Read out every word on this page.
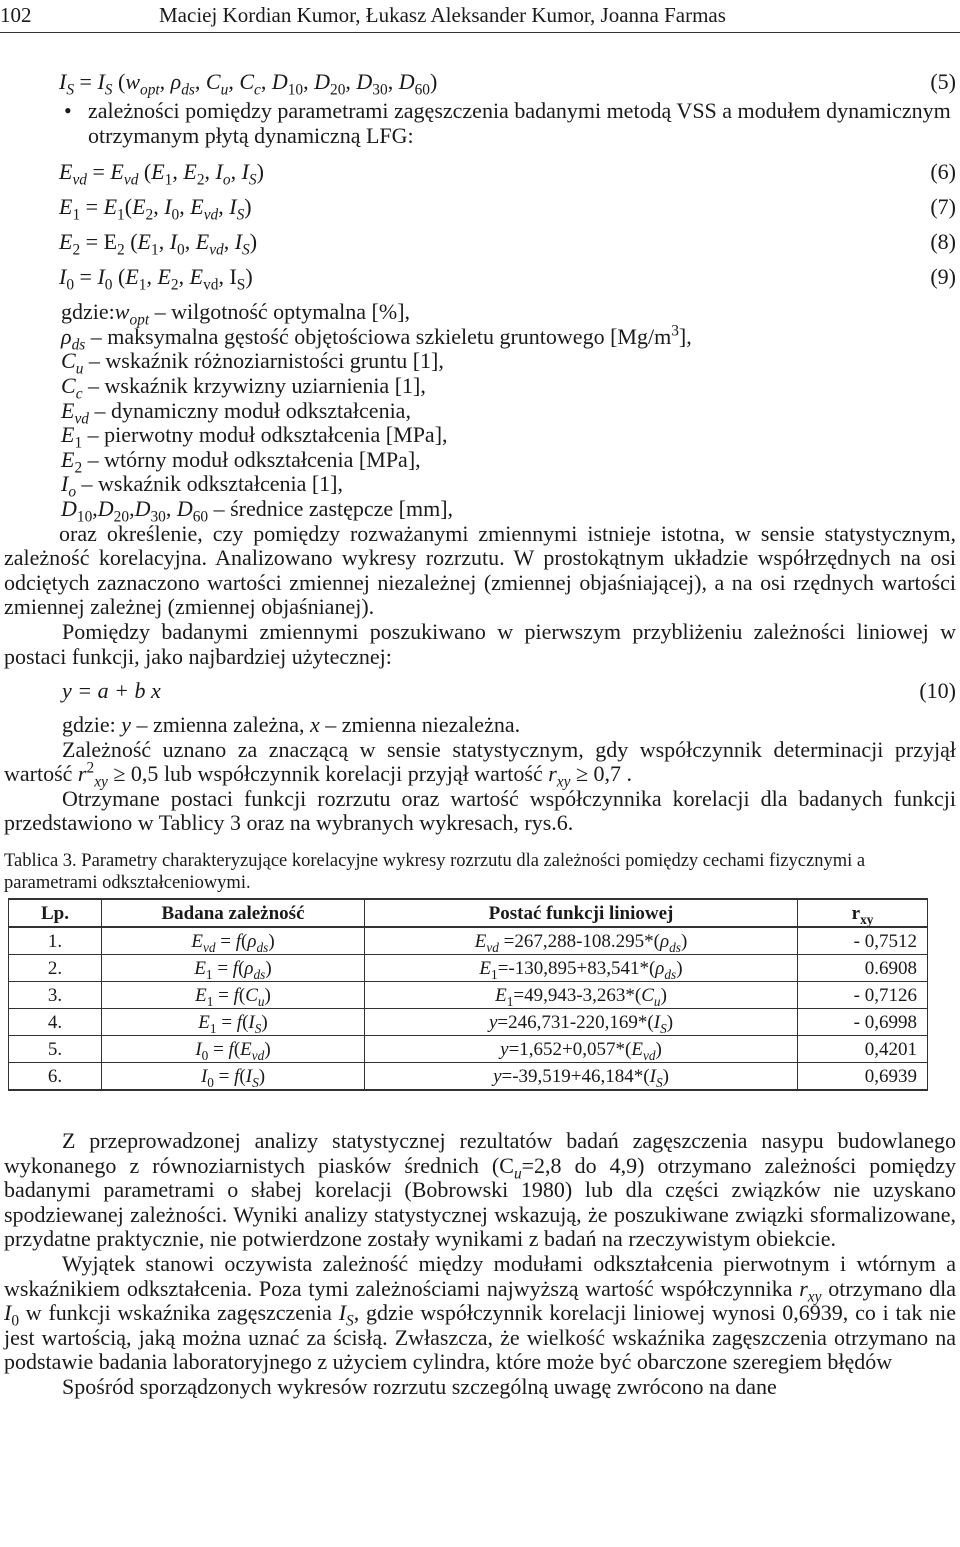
102	Maciej Kordian Kumor, Łukasz Aleksander Kumor, Joanna Farmas
$I_S = I_S$ ($w_{opt}$, $\rho_{ds}$, $C_u$, $C_c$, $D_{10}$, $D_{20}$, $D_{30}$, $D_{60}$)	(5)
• zależności pomiędzy parametrami zagęszczenia badanymi metodą VSS a modułem dynamicznym otrzymanym płytą dynamiczną LFG:
$E_{vd} = E_{vd}$ ($E_1$, $E_2$, $I_o$, $I_S$)	(6)
$E_1 = E_1(E_2$, $I_0$, $E_{vd}$, $I_S$)	(7)
$E_2 = E_2$ ($E_1$, $I_0$, $E_{vd}$, $I_S$)	(8)
$I_0 = I_0$ ($E_1$, $E_2$, $E_{vd}$, $I_S$)	(9)
$gdzie:w_{opt}$ – wilgotność optymalna [%],
$\rho_{ds}$ – maksymalna gęstość objętościowa szkieletu gruntowego $[Mg/m^3]$,
$C_u$ – wskaźnik różnoziarnistości gruntu [1],
$C_c$ – wskaźnik krzywizny uziarnienia [1],
$E_{vd}$ – dynamiczny moduł odkształcenia,
$E_1$ – pierwotny moduł odkształcenia [MPa],
$E_2$ – wtórny moduł odkształcenia [MPa],
$I_o$ – wskaźnik odkształcenia [1],
$D_{10},D_{20},D_{30}$, $D_{60}$ – średnice zastępcze [mm],

oraz określenie, czy pomiędzy rozważanymi zmiennymi istnieje istotna, w sensie statystycznym, zależność korelacyjna. Analizowano wykresy rozrzutu. W prostokątnym układzie współrzędnych na osi odciętych zaznaczono wartości zmiennej niezależnej (zmiennej objaśniającej), a na osi rzędnych wartości zmiennej zależnej (zmiennej objaśnianej).

Pomiędzy badanymi zmiennymi poszukiwano w pierwszym przybliżeniu zależności liniowej w postaci funkcji, jako najbardziej użytecznej:

y = a + b x	(10)
gdzie: y – zmienna zależna, x – zmienna niezależna.

Zależność uznano za znaczącą w sensie statystycznym, gdy współczynnik determinacji przyjął wartość $r^2_{xy} \ge 0,5$ lub współczynnik korelacji przyjął wartość $r_{xy} \ge 0,7$ .

Otrzymane postaci funkcji rozrzutu oraz wartość współczynnika korelacji dla badanych funkcji przedstawiono w Tablicy 3 oraz na wybranych wykresach, rys.6.

Tablica 3. Parametry charakteryzujące korelacyjne wykresy rozrzutu dla zależności pomiędzy cechami fizycznymi a parametrami odkształceniowymi.
Lp.	Badana zależność	Postać funkcji liniowej	$r_{xy}$
1.	$E_{vd} = f(\rho_{ds})$	$E_{vd} =267,288-108.295*(\rho_{ds})$	- 0,7512
2.	$E_1 = f(\rho_{ds})$	$E_1=-130,895+83,541*(\rho_{ds})$	0.6908
3.	$E_1 = f(C_u)$	$E_1=49,943-3,263*(C_u)$	- 0,7126
4.	$E_1 = f(I_S)$	$y=246,731-220,169*(I_S)$	- 0,6998
5.	$I_0 = f(E_{vd})$	$y=1,652+0,057*(E_{vd})$	0,4201
6.	$I_0 = f(I_S)$	$y=-39,519+46,184*(I_S)$	0,6939

Z przeprowadzonej analizy statystycznej rezultatów badań zagęszczenia nasypu budowlanego wykonanego z równoziarnistych piasków średnich ($C_u=2,8$ do 4,9) otrzymano zależności pomiędzy badanymi parametrami o słabej korelacji (Bobrowski 1980) lub dla części związków nie uzyskano spodziewanej zależności. Wyniki analizy statystycznej wskazują, że poszukiwane związki sformalizowane, przydatne praktycznie, nie potwierdzone zostały wynikami z badań na rzeczywistym obiekcie.

Wyjątek stanowi oczywista zależność między modułami odkształcenia pierwotnym i wtórnym a wskaźnikiem odkształcenia. Poza tymi zależnościami najwyższą wartość współczynnika $r_{xy}$ otrzymano dla $I_0$ w funkcji wskaźnika zagęszczenia $I_S$, gdzie współczynnik korelacji liniowej wynosi 0,6939, co i tak nie jest wartością, jaką można uznać za ścisłą. Zwłaszcza, że wielkość wskaźnika zagęszczenia otrzymano na podstawie badania laboratoryjnego z użyciem cylindra, które może być obarczone szeregiem błędów

Spośród sporządzonych wykresów rozrzutu szczególną uwagę zwrócono na dane
